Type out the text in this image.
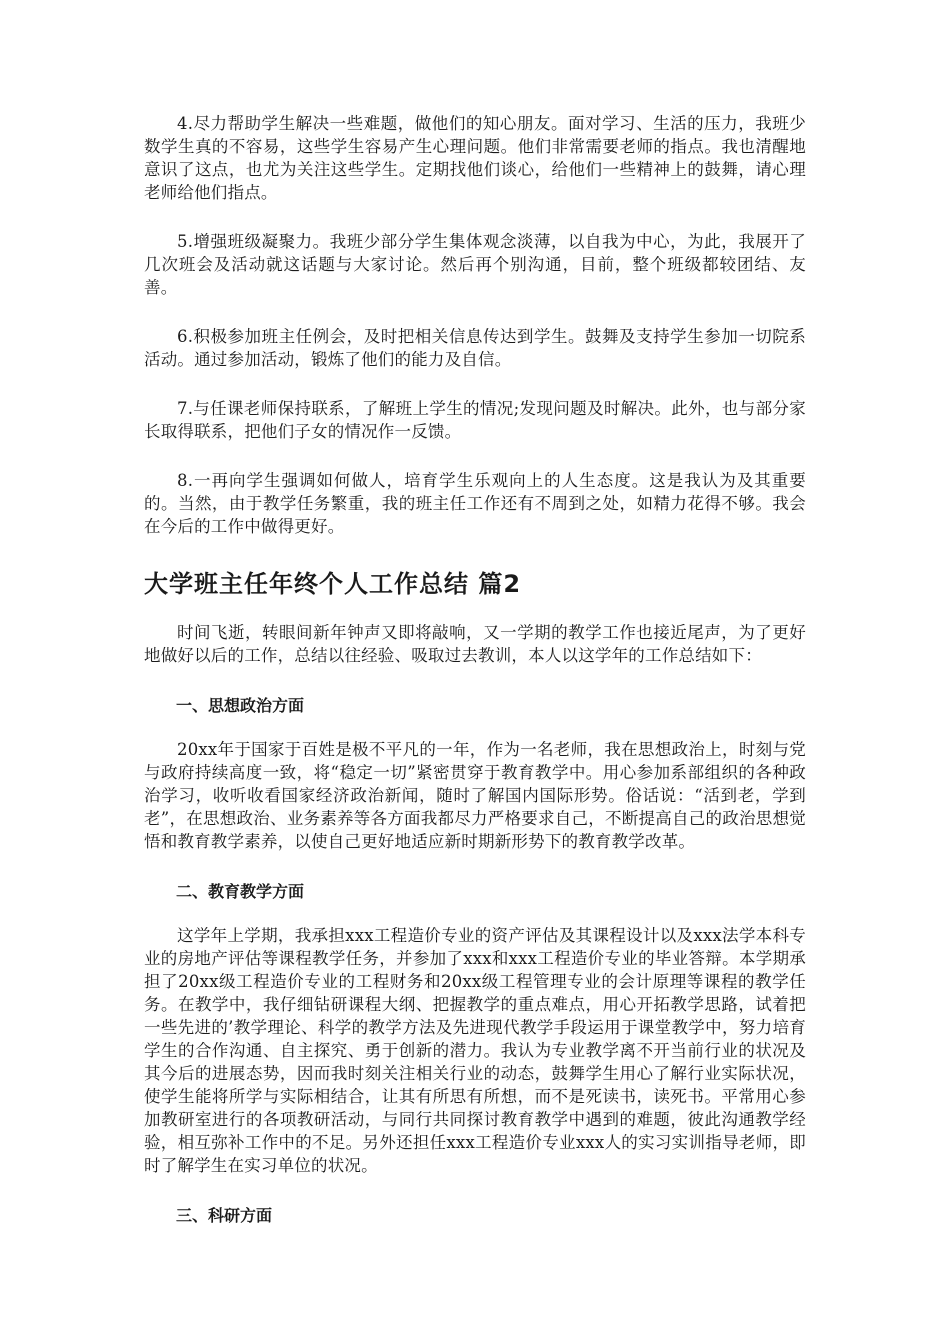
4.尽力帮助学生解决一些难题，做他们的知心朋友。面对学习、生活的压力，我班少数学生真的不容易，这些学生容易产生心理问题。他们非常需要老师的指点。我也清醒地意识了这点，也尤为关注这些学生。定期找他们谈心，给他们一些精神上的鼓舞，请心理老师给他们指点。

5.增强班级凝聚力。我班少部分学生集体观念淡薄，以自我为中心，为此，我展开了几次班会及活动就这话题与大家讨论。然后再个别沟通，目前，整个班级都较团结、友善。

6.积极参加班主任例会，及时把相关信息传达到学生。鼓舞及支持学生参加一切院系活动。通过参加活动，锻炼了他们的能力及自信。

7.与任课老师保持联系，了解班上学生的情况;发现问题及时解决。此外，也与部分家长取得联系，把他们子女的情况作一反馈。

8.一再向学生强调如何做人，培育学生乐观向上的人生态度。这是我认为及其重要的。当然，由于教学任务繁重，我的班主任工作还有不周到之处，如精力花得不够。我会在今后的工作中做得更好。

大学班主任年终个人工作总结 篇2

时间飞逝，转眼间新年钟声又即将敲响，又一学期的教学工作也接近尾声，为了更好地做好以后的工作，总结以往经验、吸取过去教训，本人以这学年的工作总结如下：

一、思想政治方面

20xx年于国家于百姓是极不平凡的一年，作为一名老师，我在思想政治上，时刻与党与政府持续高度一致，将“稳定一切”紧密贯穿于教育教学中。用心参加系部组织的各种政治学习，收听收看国家经济政治新闻，随时了解国内国际形势。俗话说：“活到老，学到老”，在思想政治、业务素养等各方面我都尽力严格要求自己，不断提高自己的政治思想觉悟和教育教学素养，以使自己更好地适应新时期新形势下的教育教学改革。

二、教育教学方面

这学年上学期，我承担xxx工程造价专业的资产评估及其课程设计以及xxx法学本科专业的房地产评估等课程教学任务，并参加了xxx和xxx工程造价专业的毕业答辩。本学期承担了20xx级工程造价专业的工程财务和20xx级工程管理专业的会计原理等课程的教学任务。在教学中，我仔细钻研课程大纲、把握教学的重点难点，用心开拓教学思路，试着把一些先进的’教学理论、科学的教学方法及先进现代教学手段运用于课堂教学中，努力培育学生的合作沟通、自主探究、勇于创新的潜力。我认为专业教学离不开当前行业的状况及其今后的进展态势，因而我时刻关注相关行业的动态，鼓舞学生用心了解行业实际状况，使学生能将所学与实际相结合，让其有所思有所想，而不是死读书，读死书。平常用心参加教研室进行的各项教研活动，与同行共同探讨教育教学中遇到的难题，彼此沟通教学经验，相互弥补工作中的不足。另外还担任xxx工程造价专业xxx人的实习实训指导老师，即时了解学生在实习单位的状况。

三、科研方面
